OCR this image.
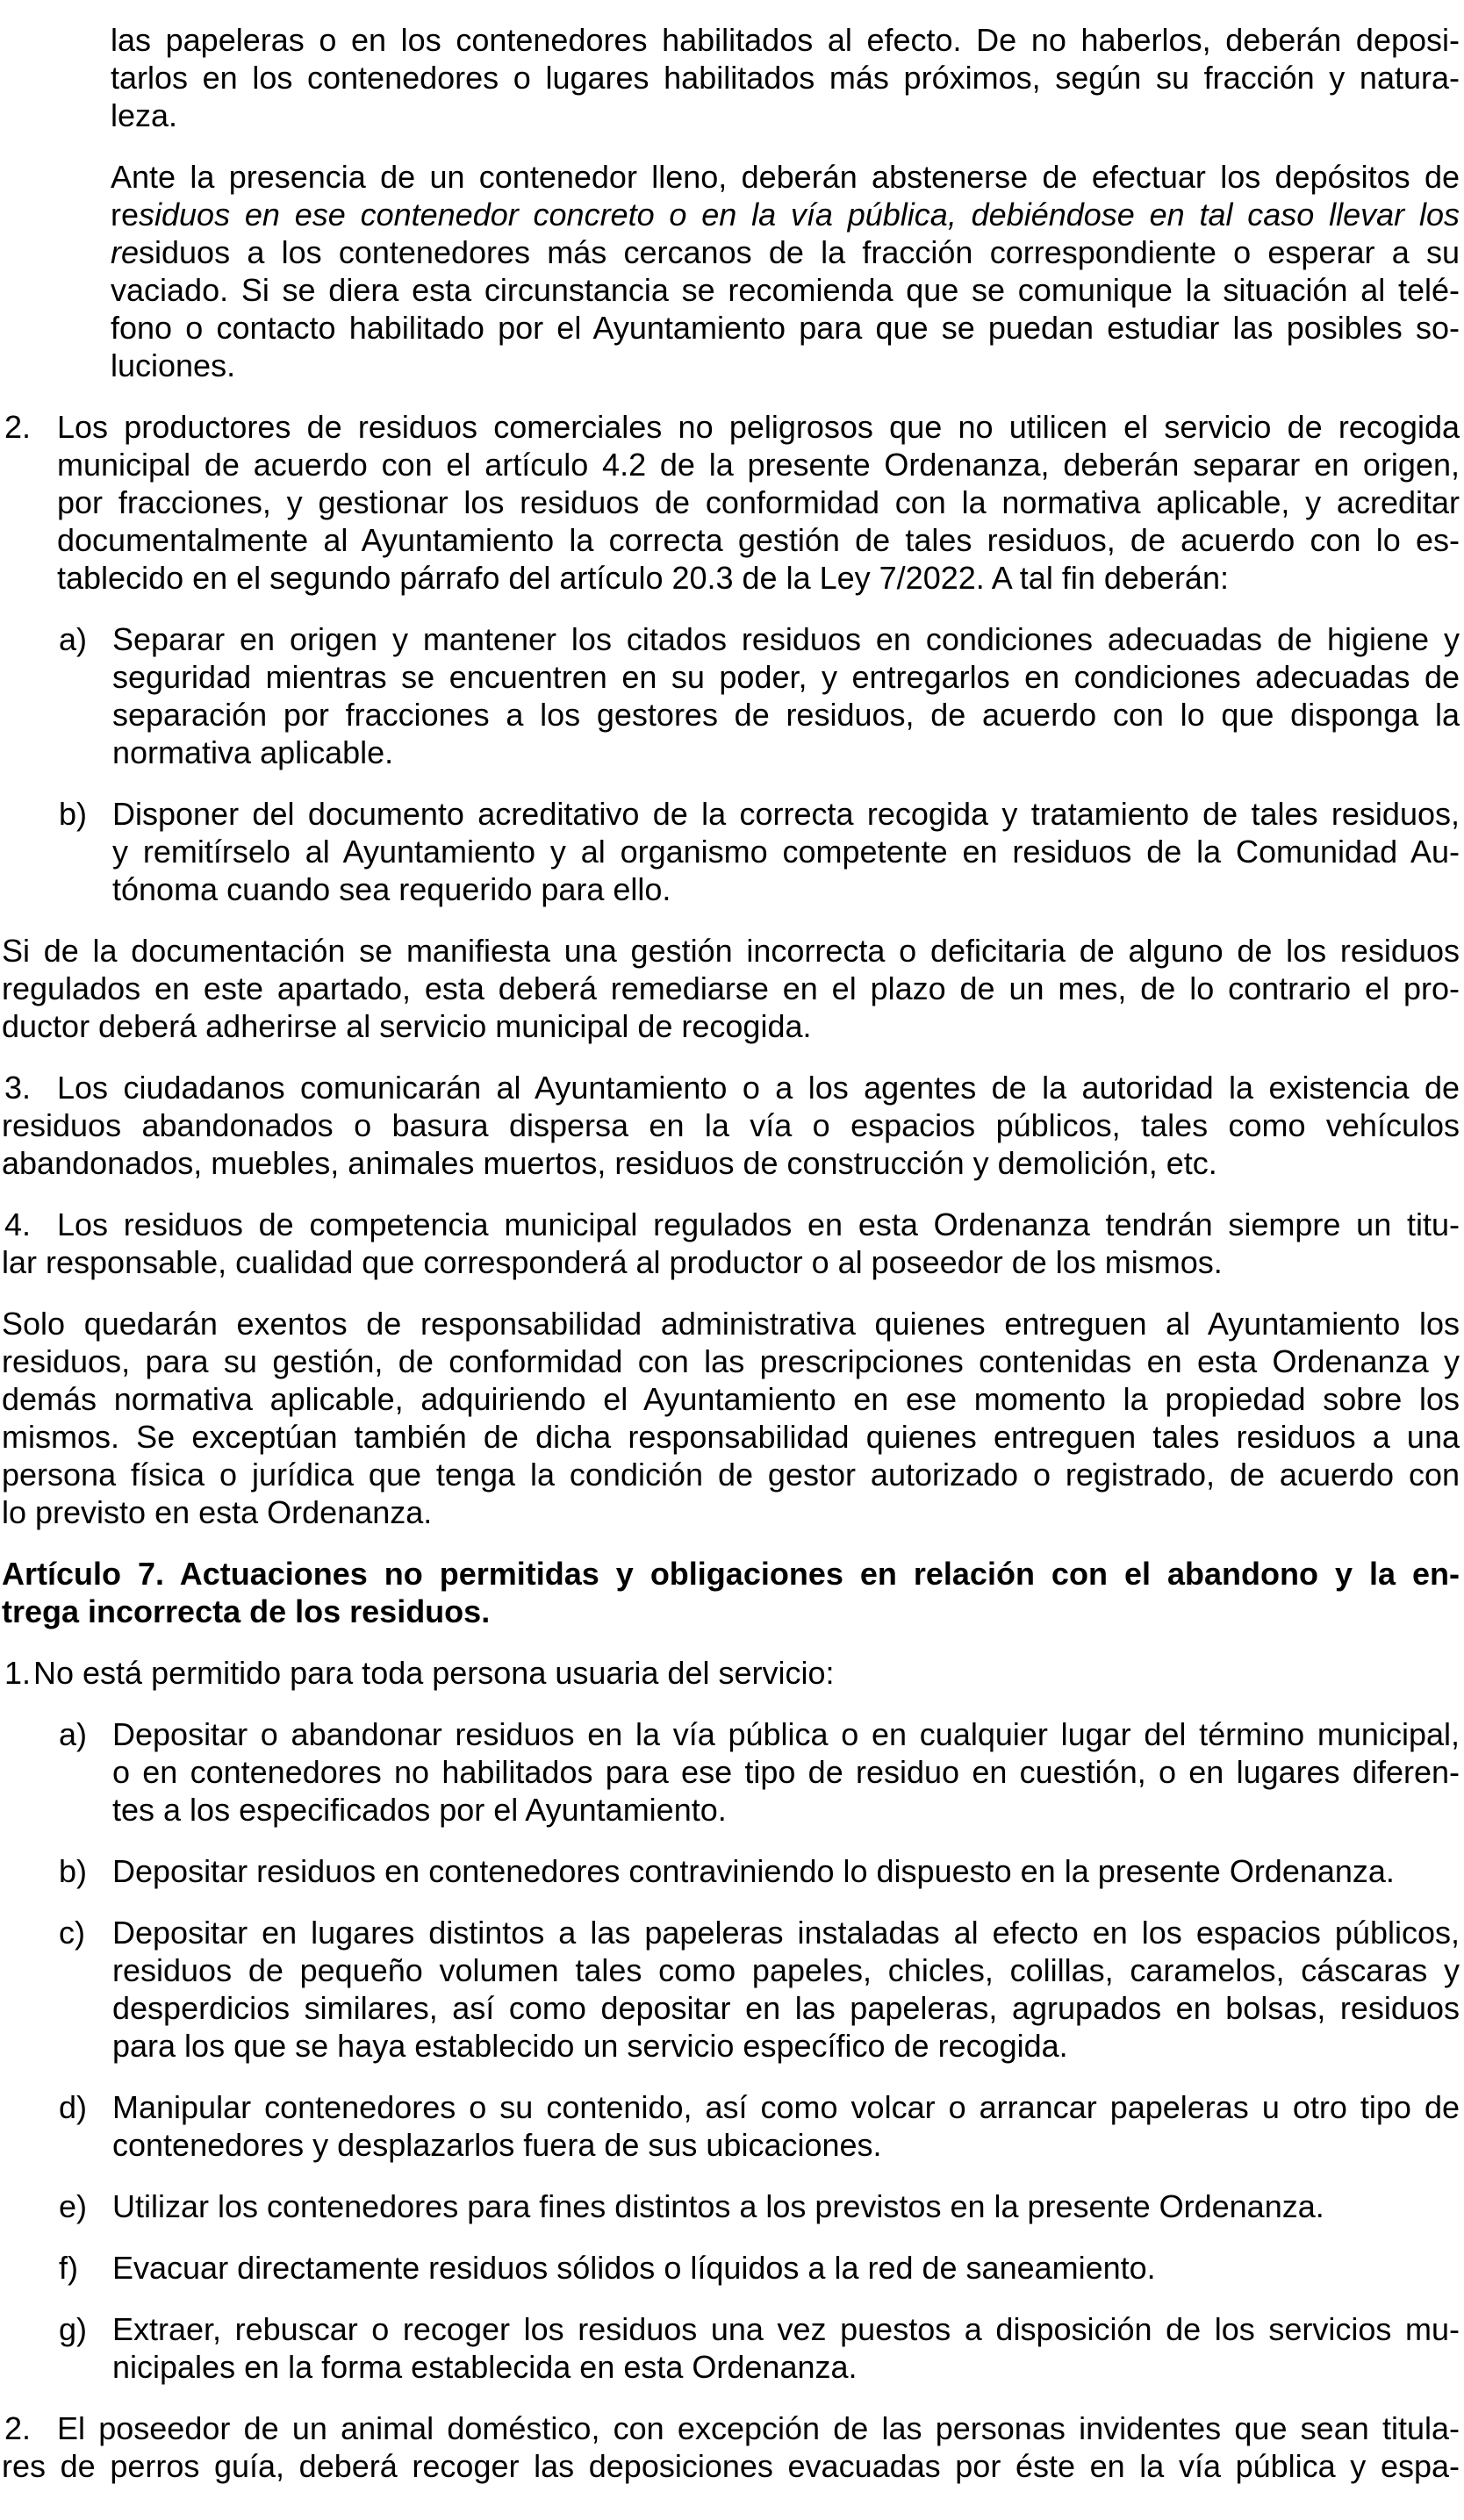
las papeleras o en los contenedores habilitados al efecto. De no haberlos, deberán deposi-
tarlos en los contenedores o lugares habilitados más próximos, según su fracción y natura-
leza.
Ante la presencia de un contenedor lleno, deberán abstenerse de efectuar los depósitos de
residuos en ese contenedor concreto o en la vía pública, debiéndose en tal caso llevar los
residuos a los contenedores más cercanos de la fracción correspondiente o esperar a su
vaciado. Si se diera esta circunstancia se recomienda que se comunique la situación al telé-
fono o contacto habilitado por el Ayuntamiento para que se puedan estudiar las posibles so-
luciones.
2. Los productores de residuos comerciales no peligrosos que no utilicen el servicio de recogida
municipal de acuerdo con el artículo 4.2 de la presente Ordenanza, deberán separar en origen,
por fracciones, y gestionar los residuos de conformidad con la normativa aplicable, y acreditar
documentalmente al Ayuntamiento la correcta gestión de tales residuos, de acuerdo con lo es-
tablecido en el segundo párrafo del artículo 20.3 de la Ley 7/2022. A tal fin deberán:
a) Separar en origen y mantener los citados residuos en condiciones adecuadas de higiene y
seguridad mientras se encuentren en su poder, y entregarlos en condiciones adecuadas de
separación por fracciones a los gestores de residuos, de acuerdo con lo que disponga la
normativa aplicable.
b) Disponer del documento acreditativo de la correcta recogida y tratamiento de tales residuos,
y remitírselo al Ayuntamiento y al organismo competente en residuos de la Comunidad Au-
tónoma cuando sea requerido para ello.
Si de la documentación se manifiesta una gestión incorrecta o deficitaria de alguno de los residuos
regulados en este apartado, esta deberá remediarse en el plazo de un mes, de lo contrario el pro-
ductor deberá adherirse al servicio municipal de recogida.
3. Los ciudadanos comunicarán al Ayuntamiento o a los agentes de la autoridad la existencia de
residuos abandonados o basura dispersa en la vía o espacios públicos, tales como vehículos
abandonados, muebles, animales muertos, residuos de construcción y demolición, etc.
4. Los residuos de competencia municipal regulados en esta Ordenanza tendrán siempre un titu-
lar responsable, cualidad que corresponderá al productor o al poseedor de los mismos.
Solo quedarán exentos de responsabilidad administrativa quienes entreguen al Ayuntamiento los
residuos, para su gestión, de conformidad con las prescripciones contenidas en esta Ordenanza y
demás normativa aplicable, adquiriendo el Ayuntamiento en ese momento la propiedad sobre los
mismos. Se exceptúan también de dicha responsabilidad quienes entreguen tales residuos a una
persona física o jurídica que tenga la condición de gestor autorizado o registrado, de acuerdo con
lo previsto en esta Ordenanza.
Artículo 7. Actuaciones no permitidas y obligaciones en relación con el abandono y la en-
trega incorrecta de los residuos.
1. No está permitido para toda persona usuaria del servicio:
a) Depositar o abandonar residuos en la vía pública o en cualquier lugar del término municipal,
o en contenedores no habilitados para ese tipo de residuo en cuestión, o en lugares diferen-
tes a los especificados por el Ayuntamiento.
b) Depositar residuos en contenedores contraviniendo lo dispuesto en la presente Ordenanza.
c) Depositar en lugares distintos a las papeleras instaladas al efecto en los espacios públicos,
residuos de pequeño volumen tales como papeles, chicles, colillas, caramelos, cáscaras y
desperdicios similares, así como depositar en las papeleras, agrupados en bolsas, residuos
para los que se haya establecido un servicio específico de recogida.
d) Manipular contenedores o su contenido, así como volcar o arrancar papeleras u otro tipo de
contenedores y desplazarlos fuera de sus ubicaciones.
e) Utilizar los contenedores para fines distintos a los previstos en la presente Ordenanza.
f)	Evacuar directamente residuos sólidos o líquidos a la red de saneamiento.
g) Extraer, rebuscar o recoger los residuos una vez puestos a disposición de los servicios mu-
nicipales en la forma establecida en esta Ordenanza.
2. El poseedor de un animal doméstico, con excepción de las personas invidentes que sean titula-
res de perros guía, deberá recoger las deposiciones evacuadas por éste en la vía pública y espa-
